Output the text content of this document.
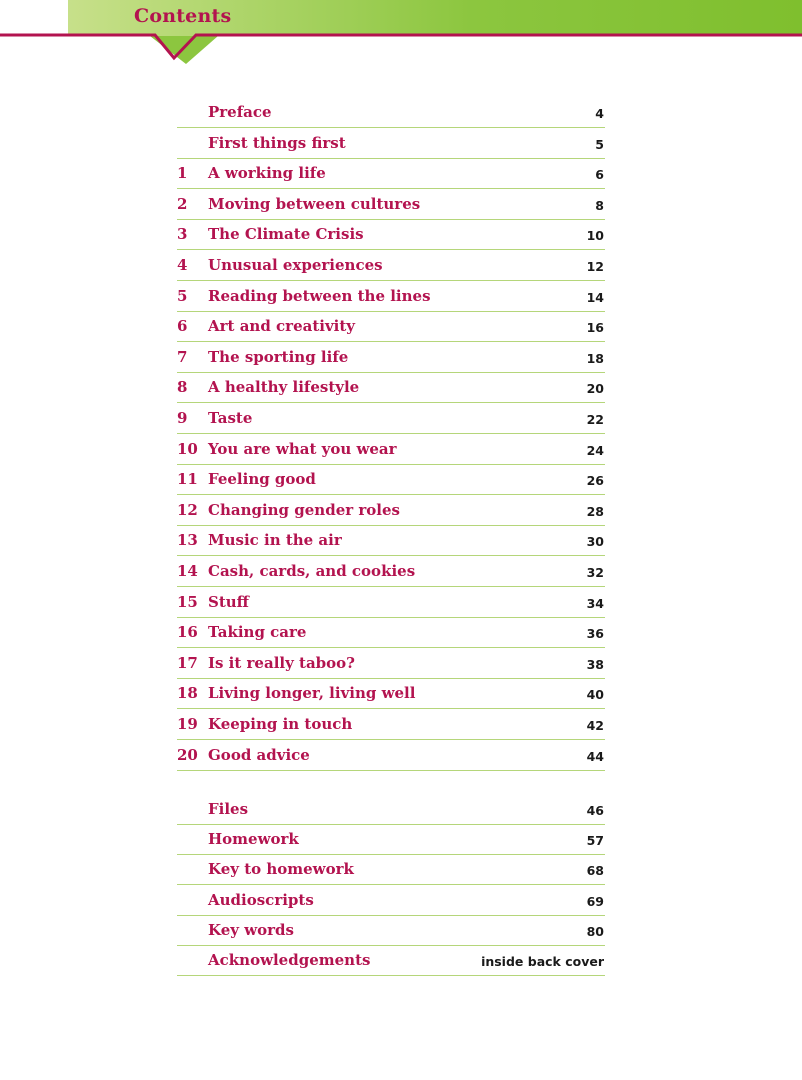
Contents
Preface	4
First things first	5
1	A working life	6
2	Moving between cultures	8
3	The Climate Crisis	10
4	Unusual experiences	12
5	Reading between the lines	14
6	Art and creativity	16
7	The sporting life	18
8	A healthy lifestyle	20
9	Taste	22
10 You are what you wear	24
11 Feeling good	26
12 Changing gender roles	28
13 Music in the air	30
14 Cash, cards, and cookies	32
15 Stuff	34
16 Taking care	36
17 Is it really taboo?	38
18 Living longer, living well	40
19 Keeping in touch	42
20 Good advice	44
Files	46
Homework	57
Key to homework	68
Audioscripts	69
Key words	80
Acknowledgements	inside back cover
